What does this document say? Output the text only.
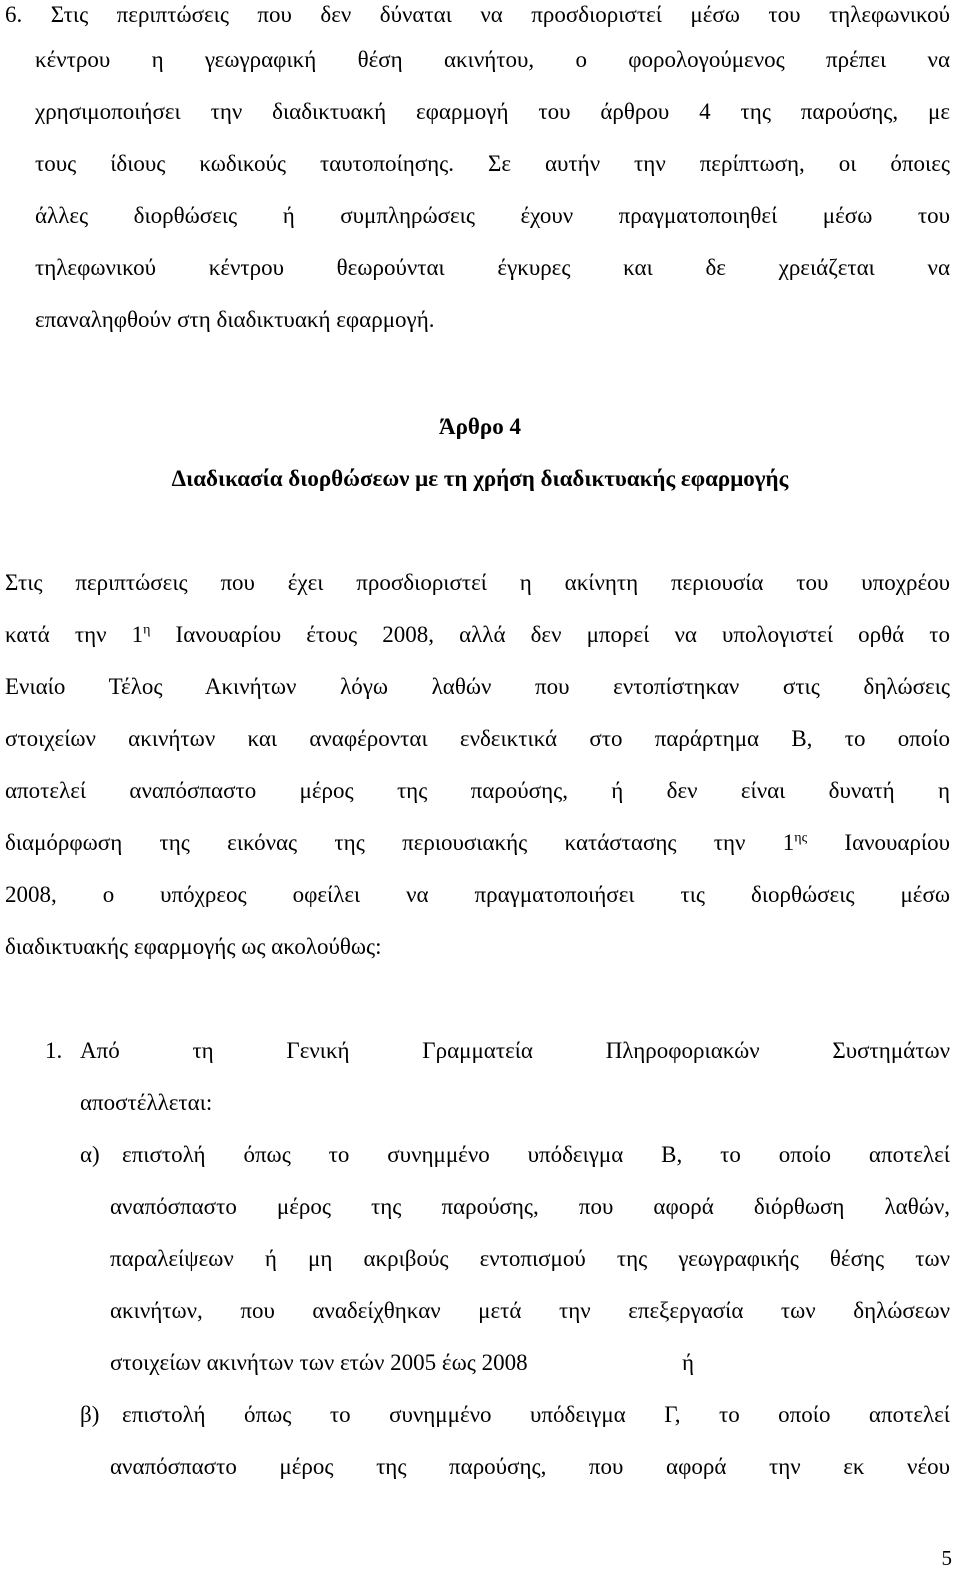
6. Στις περιπτώσεις που δεν δύναται να προσδιοριστεί μέσω του τηλεφωνικού
κέντρου η γεωγραφική θέση ακινήτου, ο φορολογούμενος πρέπει να
χρησιμοποιήσει την διαδικτυακή εφαρμογή του άρθρου 4 της παρούσης, με
τους ίδιους κωδικούς ταυτοποίησης. Σε αυτήν την περίπτωση, οι όποιες
άλλες διορθώσεις ή συμπληρώσεις έχουν πραγματοποιηθεί μέσω του
τηλεφωνικού κέντρου θεωρούνται έγκυρες και δε χρειάζεται να
επαναληφθούν στη διαδικτυακή εφαρμογή.
Άρθρο 4
Διαδικασία διορθώσεων με τη χρήση διαδικτυακής εφαρμογής
Στις περιπτώσεις που έχει προσδιοριστεί η ακίνητη περιουσία του υποχρέου
κατά την $1^\eta$ Ιανουαρίου έτους 2008, αλλά δεν μπορεί να υπολογιστεί ορθά το
Ενιαίο Τέλος Ακινήτων λόγω λαθών που εντοπίστηκαν στις δηλώσεις
στοιχείων ακινήτων και αναφέρονται ενδεικτικά στο παράρτημα Β, το οποίο
αποτελεί αναπόσπαστο μέρος της παρούσης, ή δεν είναι δυνατή η
διαμόρφωση της εικόνας της περιουσιακής κατάστασης την $1^{\eta\varsigma}$ Ιανουαρίου
2008, ο υπόχρεος οφείλει να πραγματοποιήσει τις διορθώσεις μέσω
διαδικτυακής εφαρμογής ως ακολούθως:
1. Από τη Γενική Γραμματεία Πληροφοριακών Συστημάτων
αποστέλλεται:
α) επιστολή όπως το συνημμένο υπόδειγμα Β, το οποίο αποτελεί
αναπόσπαστο μέρος της παρούσης, που αφορά διόρθωση λαθών,
παραλείψεων ή μη ακριβούς εντοπισμού της γεωγραφικής θέσης των
ακινήτων, που αναδείχθηκαν μετά την επεξεργασία των δηλώσεων
στοιχείων ακινήτων των ετών 2005 έως 2008	ή
β) επιστολή όπως το συνημμένο υπόδειγμα Γ, το οποίο αποτελεί
αναπόσπαστο μέρος της παρούσης, που αφορά την εκ νέου
5
